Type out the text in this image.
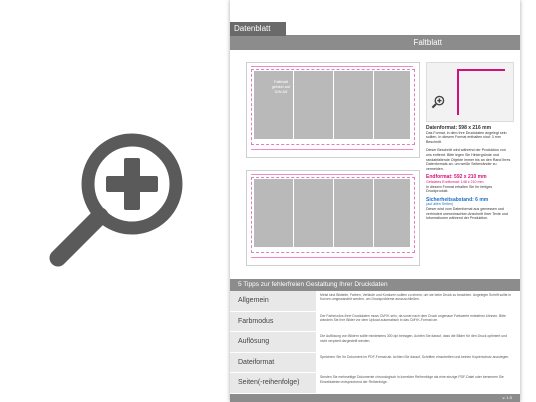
Datenblatt
Faltblatt
Faltblatt
gefalzt auf
DIN A5
Datenformat: 598 x 216 mm
Das Format, in dem Ihre Druckdaten angelegt sein sollten. In diesem Format enthalten sind: 3 mm Beschnitt.
Dieser Beschnitt wird während der Produktion von uns entfernt. Bitte legen Sie Hintergründe und randabfallende Objekte immer bis an den Rand Ihres Datenformats an, um weiße Seitenränder zu vermeiden.
Endformat: 592 x 210 mm
Gefalztes Endformat: 148 x 210 mm
In diesem Format erhalten Sie Ihr fertiges Druckprodukt.
Sicherheitsabstand: 6 mm
(auf allen Seiten)
Dieser wird vom Datenformat aus gemessen und verhindert unerwünschten Anschnitt Ihrer Texte und Informationen während der Produktion.
5 Tipps zur fehlerfreien Gestaltung Ihrer Druckdaten
Allgemein
Meist sind Bildteile, Farben, Verläufe und Konturen sollten zu einem, um sie beim Druck zu beachten. Angelegte Schrift sollte in Kurven umgewandelt werden, um Druckprobleme auszuschließen.
Farbmodus
Der Farbmodus Ihrer Druckdaten muss CMYK sein, da sonst nach dem Druck ungenaue Farbwerte entstehen können. Bitte wandeln Sie Ihre Bilder vor dem Upload automatisch in das CMYK-Format um.
Auflösung
Die Auflösung von Bildern sollte mindestens 300 dpi betragen. Achten Sie darauf, dass die Bilder für den Druck optimiert und nicht verpixelt dargestellt werden.
Dateiformat
Speichern Sie Ihr Dokument im PDF-Format ab. Achten Sie darauf, Schriften einzubetten und keinen Kopierschutz anzulegen.
Seiten(-reihenfolge)
Senden Sie mehrseitige Dokumente chronologisch in korrekter Reihenfolge als eine einzige PDF-Datei oder benennen Sie Einzeldateien entsprechend der Reihenfolge.
v. 1.0
